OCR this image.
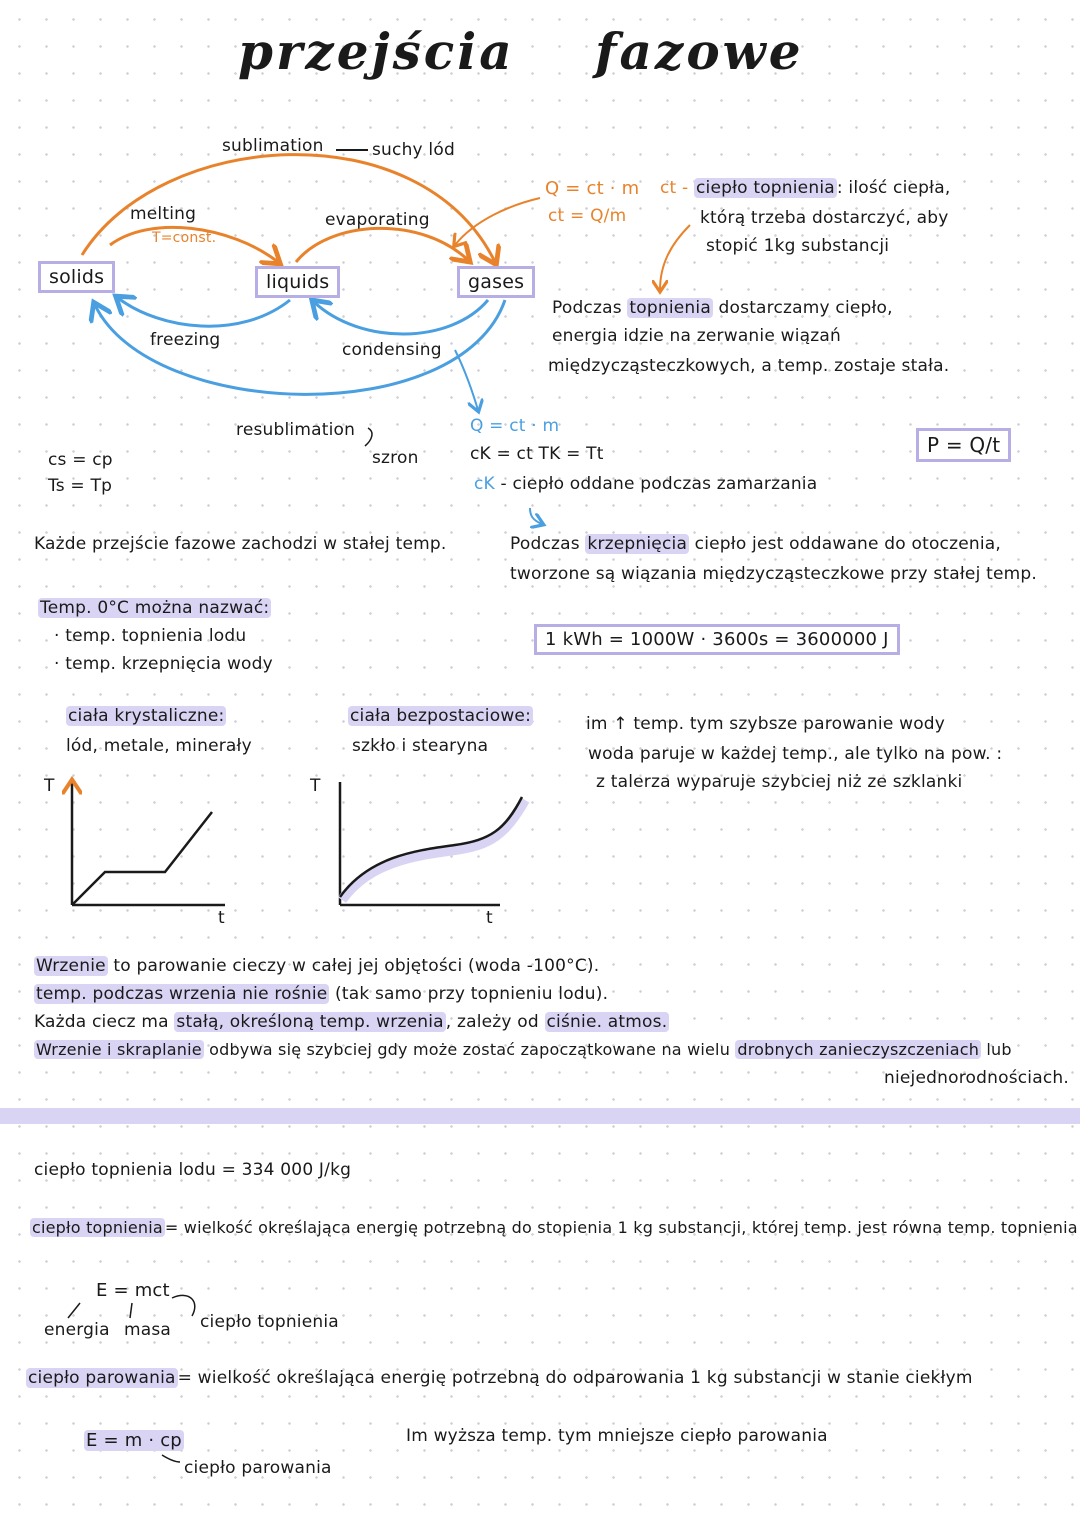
przejścia fazowe
sublimation	suchy lód
melting
T=const.
evaporating
solids	liquids	gases
freezing	condensing
resublimation
szron
cs = cp
Ts = Tp
Q = ct · m
ct = Q/m
ct - ciepło topnienia : ilość ciepła,
którą trzeba dostarczyć, aby
stopić 1kg substancji
Podczas topnienia dostarczamy ciepło,
energia idzie na zerwanie wiązań
międzycząsteczkowych, a temp. zostaje stała.
Q = ct · m
cK = ct TK = Tt
cK - ciepło oddane podczas zamarzania
P = Q/t
Każde przejście fazowe zachodzi w stałej temp.	Podczas krzepnięcia ciepło jest oddawane do otoczenia,
tworzone są wiązania międzycząsteczkowe przy stałej temp.
Temp. 0°C można nazwać:
· temp. topnienia lodu
· temp. krzepnięcia wody
1 kWh = 1000W · 3600s = 3600000 J
ciała krystaliczne:
lód, metale, minerały
T
t
ciała bezpostaciowe:
szkło i stearyna
T
t
im ↑ temp. tym szybsze parowanie wody
woda paruje w każdej temp., ale tylko na pow. :
z talerza wyparuje szybciej niż ze szklanki
Wrzenie to parowanie cieczy w całej jej objętości (woda -100°C).
temp. podczas wrzenia nie rośnie (tak samo przy topnieniu lodu).
Każda ciecz ma stałą, określoną temp. wrzenia , zależy od ciśnie. atmos.
Wrzenie i skraplanie odbywa się szybciej gdy może zostać zapoczątkowane na wielu drobnych zanieczyszczeniach lub
niejednorodnościach.
ciepło topnienia lodu = 334 000 J/kg
ciepło topnienia = wielkość określająca energię potrzebną do stopienia 1 kg substancji, której temp. jest równa temp. topnienia
E = mct
energia masa ciepło topnienia
ciepło parowania = wielkość określająca energię potrzebną do odparowania 1 kg substancji w stanie ciekłym
E = m · cp
ciepło parowania
Im wyższa temp. tym mniejsze ciepło parowania
